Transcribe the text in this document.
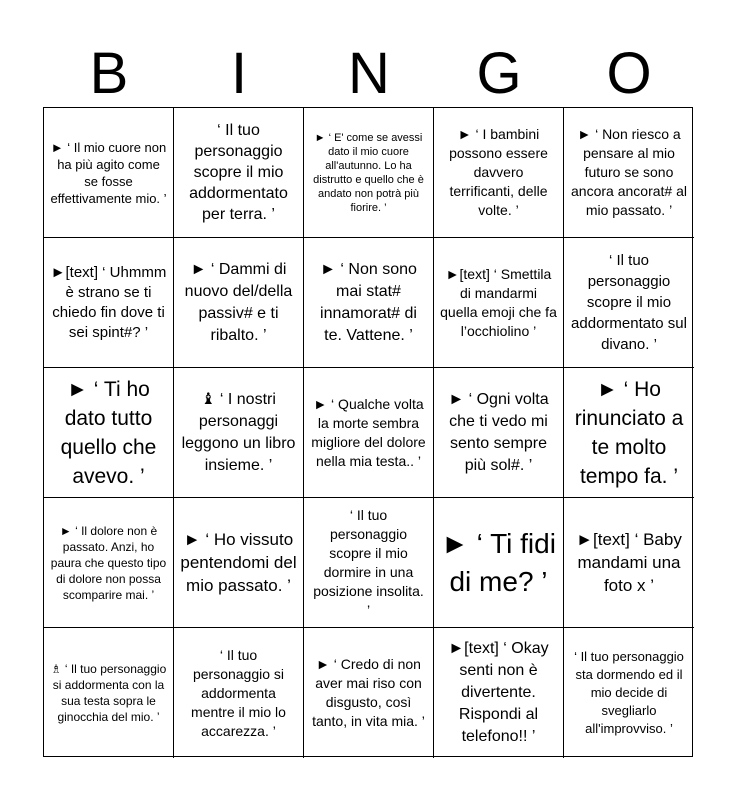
B	I	N	G	O
► ‘ Il mio cuore non ha più agito come se fosse effettivamente mio. ’
‘ Il tuo personaggio scopre il mio addormentato per terra. ’
► ‘ E' come se avessi dato il mio cuore all'autunno. Lo ha distrutto e quello che è andato non potrà più fiorire. ’
► ‘ I bambini possono essere davvero terrificanti, delle volte. ’
► ‘ Non riesco a pensare al mio futuro se sono ancora ancorat# al mio passato. ’
►[text] ‘ Uhmmm è strano se ti chiedo fin dove ti sei spint#? ’
► ‘ Dammi di nuovo del/della passiv# e ti ribalto. ’
► ‘ Non sono mai stat# innamorat# di te. Vattene. ’
►[text] ‘ Smettila di mandarmi quella emoji che fa l’occhiolino ’
‘ Il tuo personaggio scopre il mio addormentato sul divano. ’
► ‘ Ti ho dato tutto quello che avevo. ’
♝ ‘ I nostri personaggi leggono un libro insieme. ’
► ‘ Qualche volta la morte sembra migliore del dolore nella mia testa.. ’
► ‘ Ogni volta che ti vedo mi sento sempre più sol#. ’
► ‘ Ho rinunciato a te molto tempo fa. ’
► ‘ Il dolore non è passato. Anzi, ho paura che questo tipo di dolore non possa scomparire mai. ’
► ‘ Ho vissuto pentendomi del mio passato. ’
‘ Il tuo personaggio scopre il mio dormire in una posizione insolita. ’
► ‘ Ti fidi di me? ’
►[text] ‘ Baby mandami una foto x ’
♗ ‘ Il tuo personaggio si addormenta con la sua testa sopra le ginocchia del mio. ’
‘ Il tuo personaggio si addormenta mentre il mio lo accarezza. ’
► ‘ Credo di non aver mai riso con disgusto, così tanto, in vita mia. ’
►[text] ‘ Okay senti non è divertente. Rispondi al telefono!! ’
‘ Il tuo personaggio sta dormendo ed il mio decide di svegliarlo all'improvviso. ’
